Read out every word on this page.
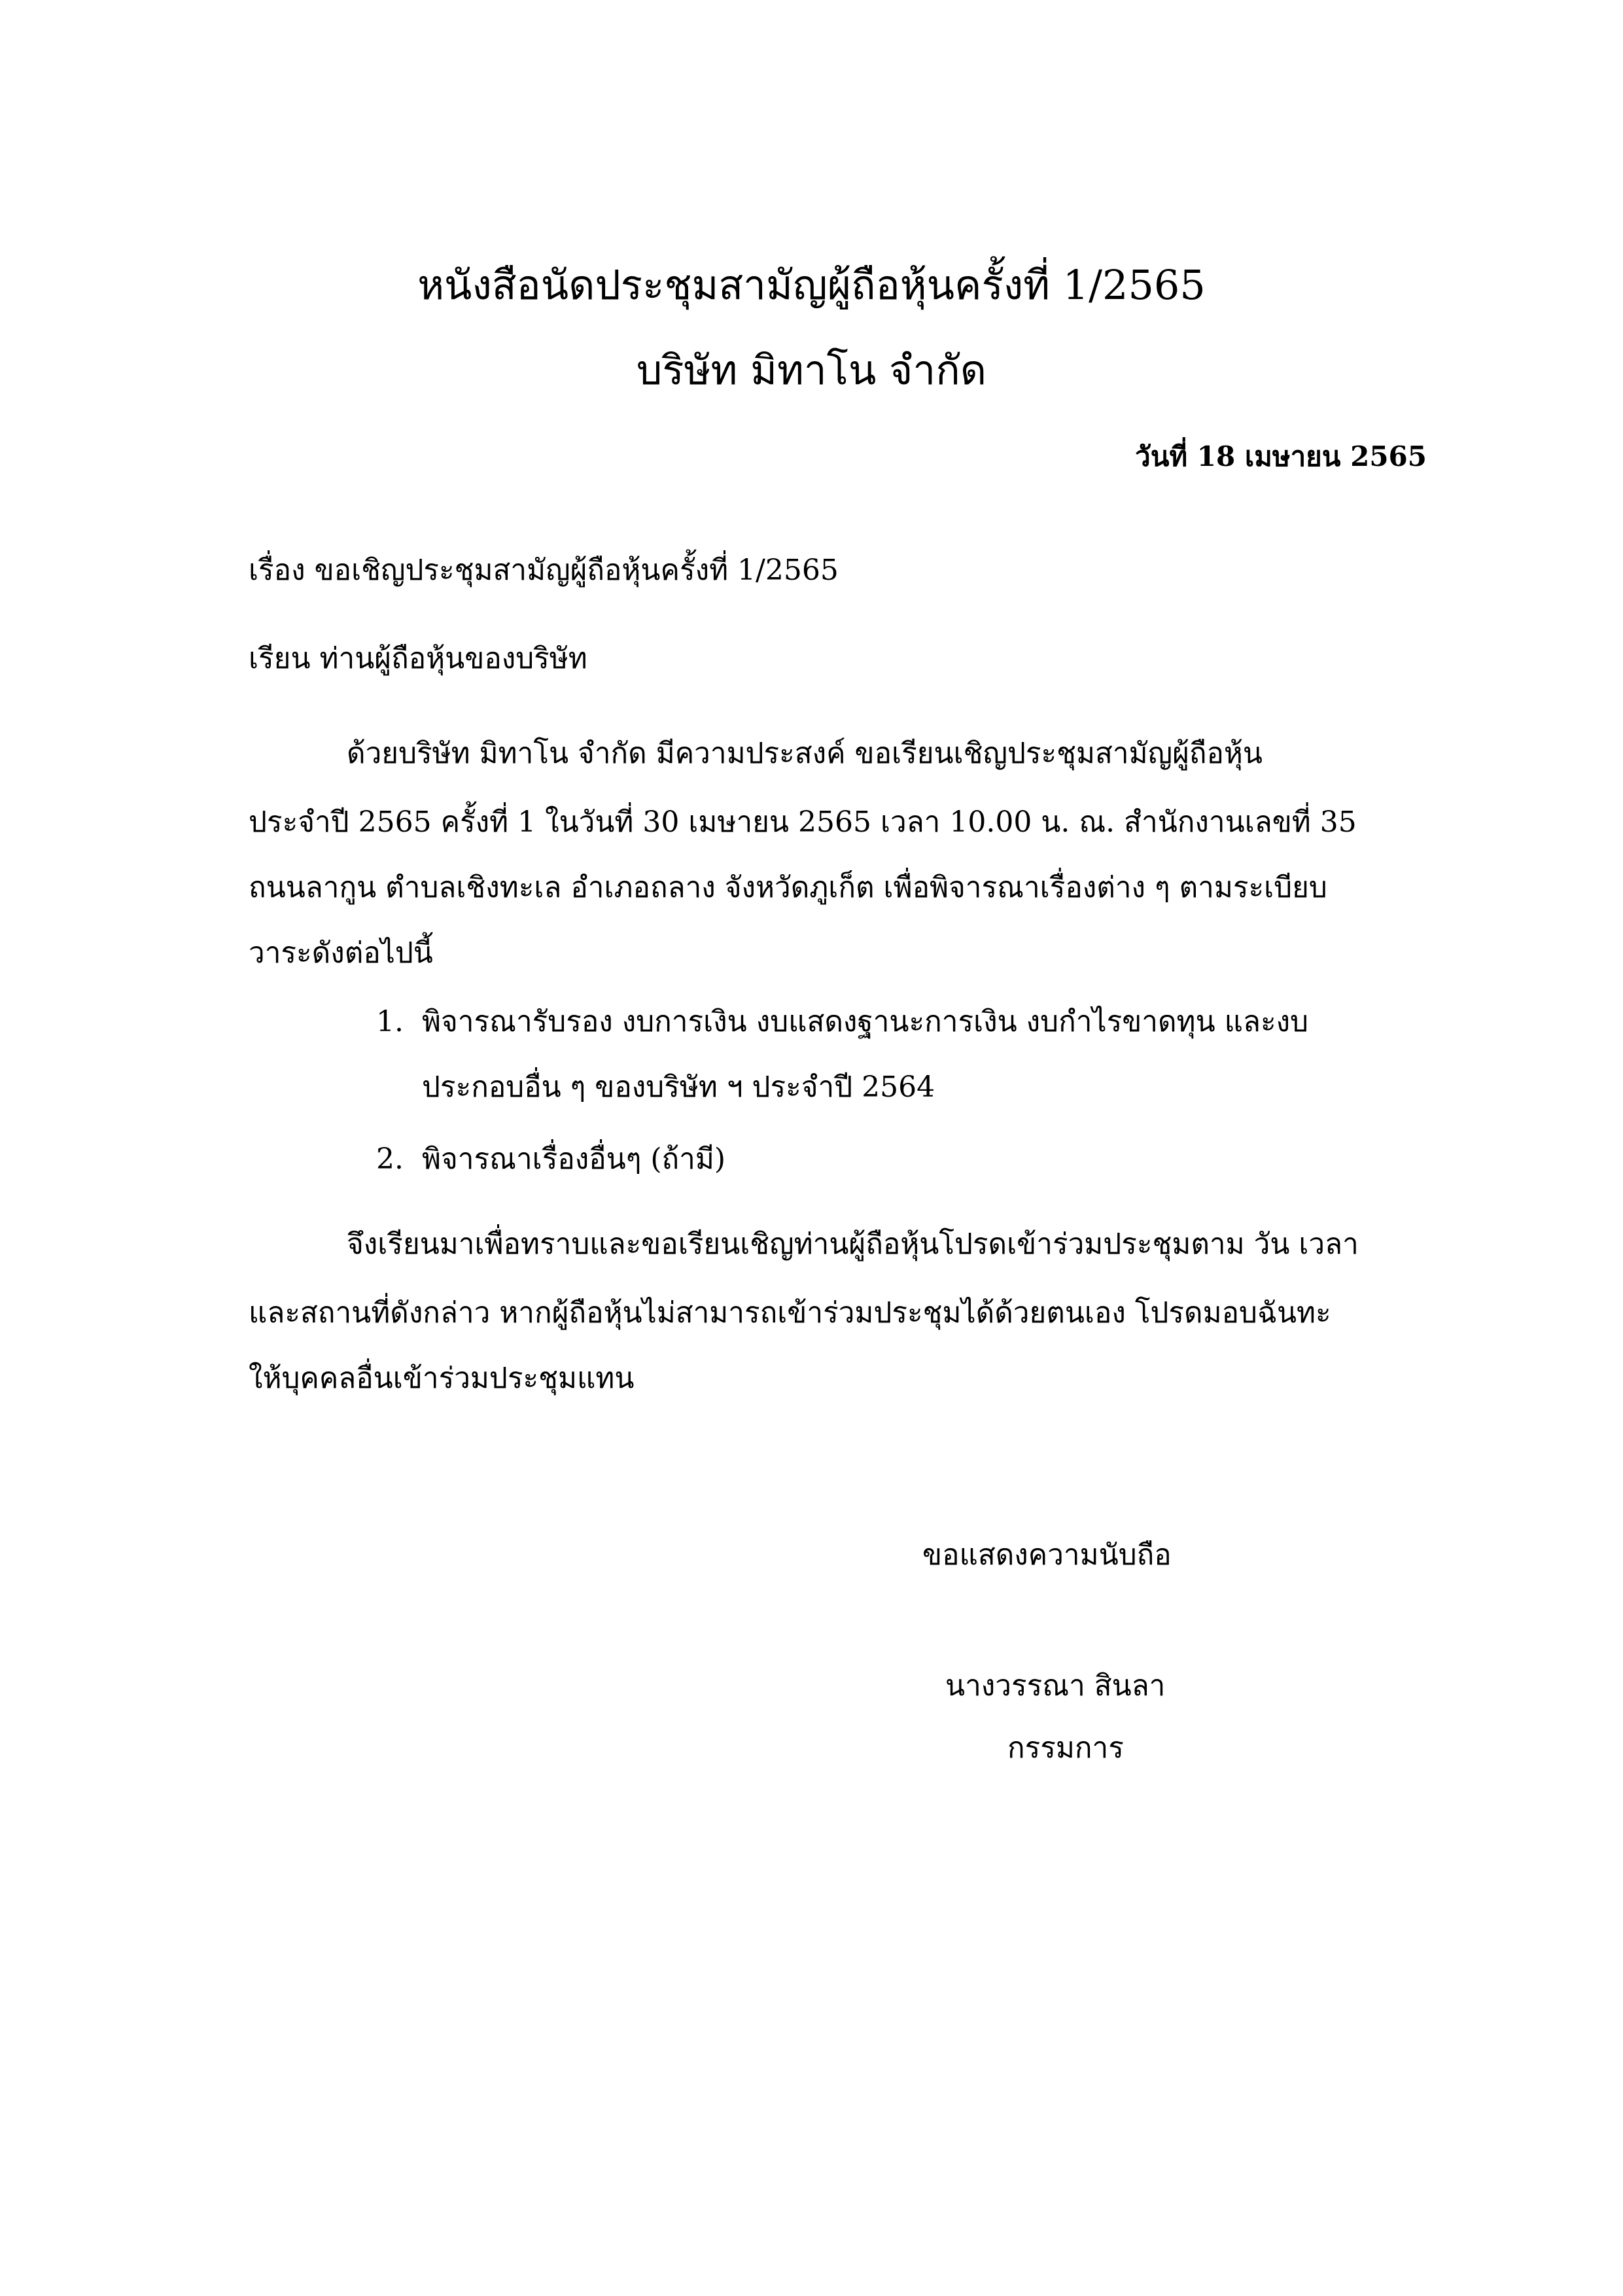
หนังสือนัดประชุมสามัญผู้ถือหุ้นครั้งที่ 1/2565
บริษัท มิทาโน จำกัด
วันที่ 18 เมษายน 2565
เรื่อง ขอเชิญประชุมสามัญผู้ถือหุ้นครั้งที่ 1/2565
เรียน ท่านผู้ถือหุ้นของบริษัท
ด้วยบริษัท มิทาโน จำกัด มีความประสงค์ ขอเรียนเชิญประชุมสามัญผู้ถือหุ้น
ประจำปี 2565 ครั้งที่ 1 ในวันที่ 30 เมษายน 2565 เวลา 10.00 น. ณ. สำนักงานเลขที่ 35
ถนนลากูน ตำบลเชิงทะเล อำเภอถลาง จังหวัดภูเก็ต เพื่อพิจารณาเรื่องต่าง ๆ ตามระเบียบ
วาระดังต่อไปนี้
1. พิจารณารับรอง งบการเงิน งบแสดงฐานะการเงิน งบกำไรขาดทุน และงบ
ประกอบอื่น ๆ ของบริษัท ฯ ประจำปี 2564
2. พิจารณาเรื่องอื่นๆ (ถ้ามี)
จึงเรียนมาเพื่อทราบและขอเรียนเชิญท่านผู้ถือหุ้นโปรดเข้าร่วมประชุมตาม วัน เวลา
และสถานที่ดังกล่าว หากผู้ถือหุ้นไม่สามารถเข้าร่วมประชุมได้ด้วยตนเอง โปรดมอบฉันทะ
ให้บุคคลอื่นเข้าร่วมประชุมแทน
ขอแสดงความนับถือ
นางวรรณา สินลา
กรรมการ
